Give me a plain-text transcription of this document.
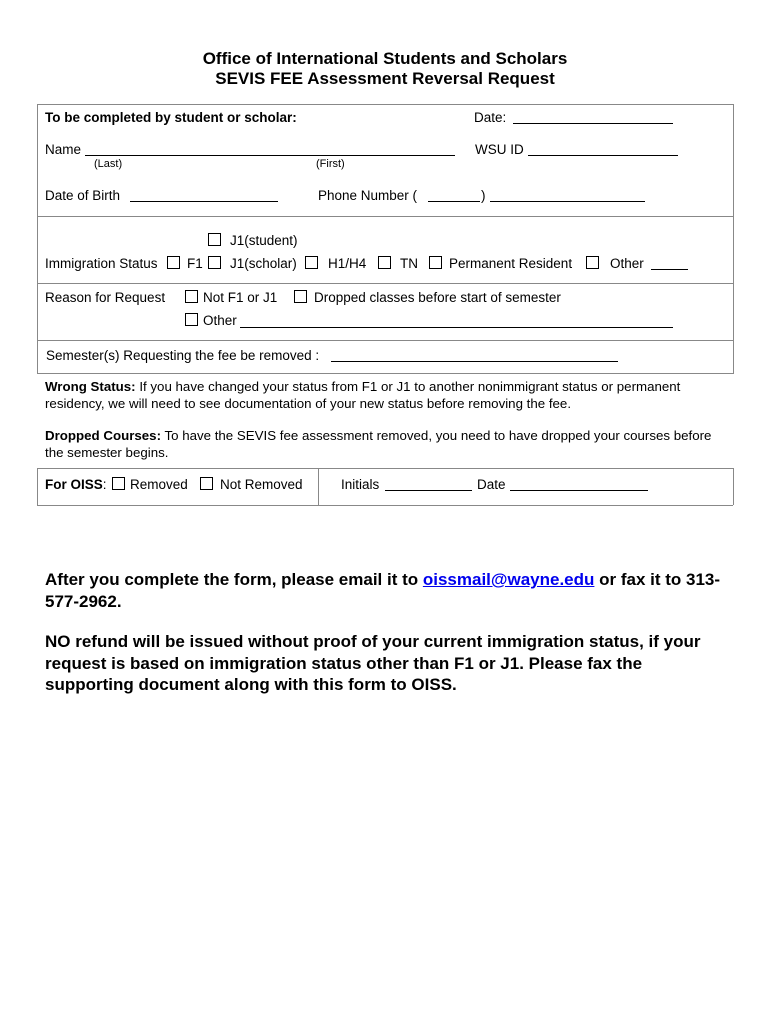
Office of International Students and Scholars
SEVIS FEE Assessment Reversal Request
To be completed by student or scholar:	Date:
Name
(Last)	(First)
WSU ID
Date of Birth	Phone Number (	)
J1(student)
Immigration Status F1 J1(scholar) H1/H4 TN Permanent Resident	Other
Reason for Request	Not F1 or J1	Dropped classes before start of semester
Other
Semester(s) Requesting the fee be removed :
Wrong Status: If you have changed your status from F1 or J1 to another nonimmigrant status or permanent residency, we will need to see documentation of your new status before removing the fee.
Dropped Courses: To have the SEVIS fee assessment removed, you need to have dropped your courses before the semester begins.
For OISS: Removed Not Removed	Initials	Date
After you complete the form, please email it to oissmail@wayne.edu or fax it to 313-577-2962.
NO refund will be issued without proof of your current immigration status, if your request is based on immigration status other than F1 or J1. Please fax the supporting document along with this form to OISS.
